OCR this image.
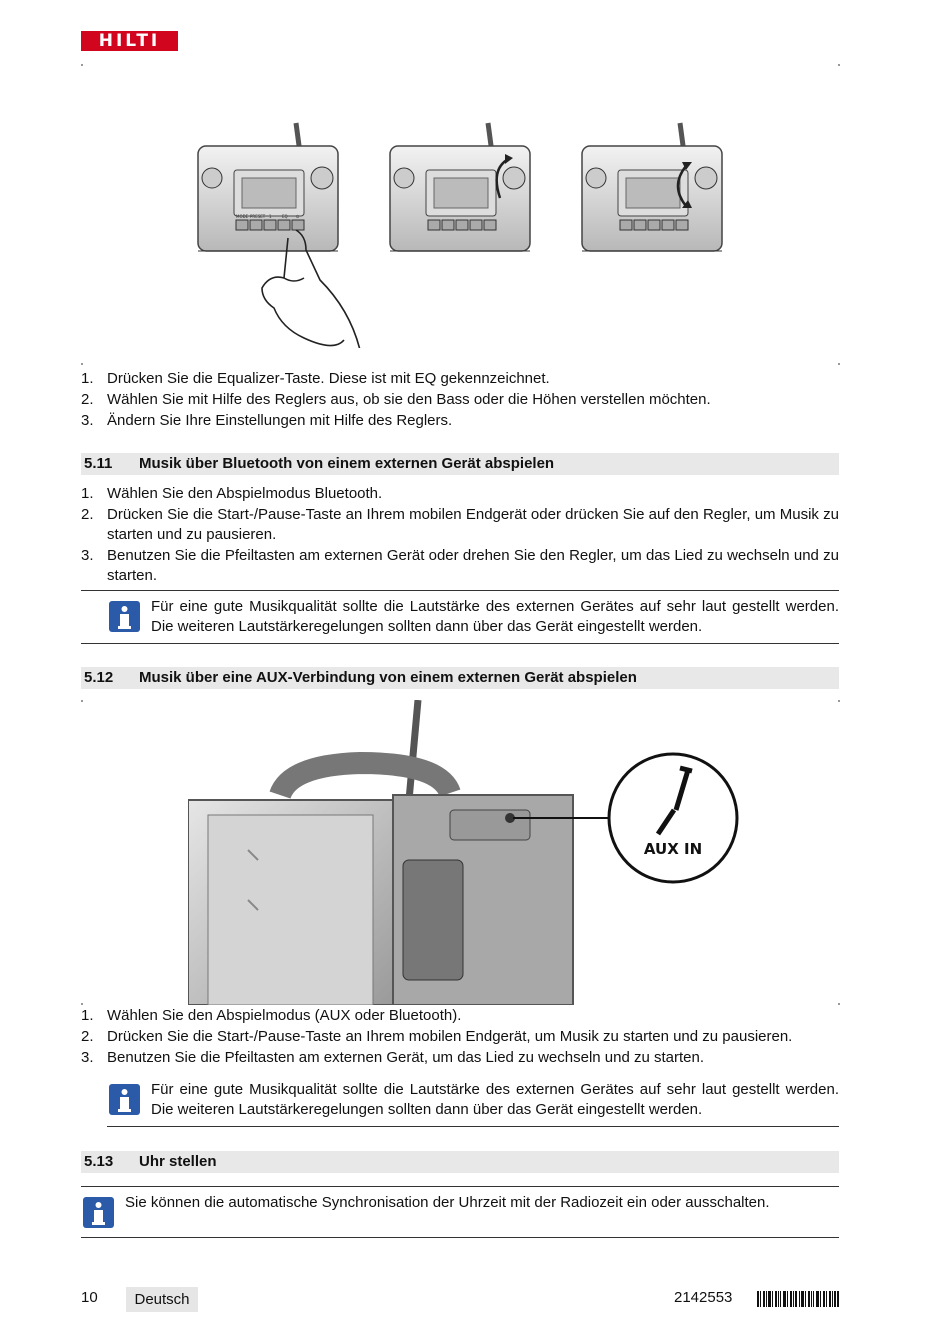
HILTI
MODE PRESET 1	EQ ⏻
1. Drücken Sie die Equalizer-Taste. Diese ist mit EQ gekennzeichnet.
2. Wählen Sie mit Hilfe des Reglers aus, ob sie den Bass oder die Höhen verstellen möchten.
3. Ändern Sie Ihre Einstellungen mit Hilfe des Reglers.
5.11 Musik über Bluetooth von einem externen Gerät abspielen
1. Wählen Sie den Abspielmodus Bluetooth.
2. Drücken Sie die Start-/Pause-Taste an Ihrem mobilen Endgerät oder drücken Sie auf den Regler, um Musik zu starten und zu pausieren.
3. Benutzen Sie die Pfeiltasten am externen Gerät oder drehen Sie den Regler, um das Lied zu wechseln und zu starten.
Für eine gute Musikqualität sollte die Lautstärke des externen Gerätes auf sehr laut gestellt werden. Die weiteren Lautstärkeregelungen sollten dann über das Gerät eingestellt werden.
5.12 Musik über eine AUX-Verbindung von einem externen Gerät abspielen
AUX IN
1. Wählen Sie den Abspielmodus (AUX oder Bluetooth).
2. Drücken Sie die Start-/Pause-Taste an Ihrem mobilen Endgerät, um Musik zu starten und zu pausieren.
3. Benutzen Sie die Pfeiltasten am externen Gerät, um das Lied zu wechseln und zu starten.
Für eine gute Musikqualität sollte die Lautstärke des externen Gerätes auf sehr laut gestellt werden. Die weiteren Lautstärkeregelungen sollten dann über das Gerät eingestellt werden.
5.13 Uhr stellen
Sie können die automatische Synchronisation der Uhrzeit mit der Radiozeit ein oder ausschalten.
10	Deutsch	2142553
